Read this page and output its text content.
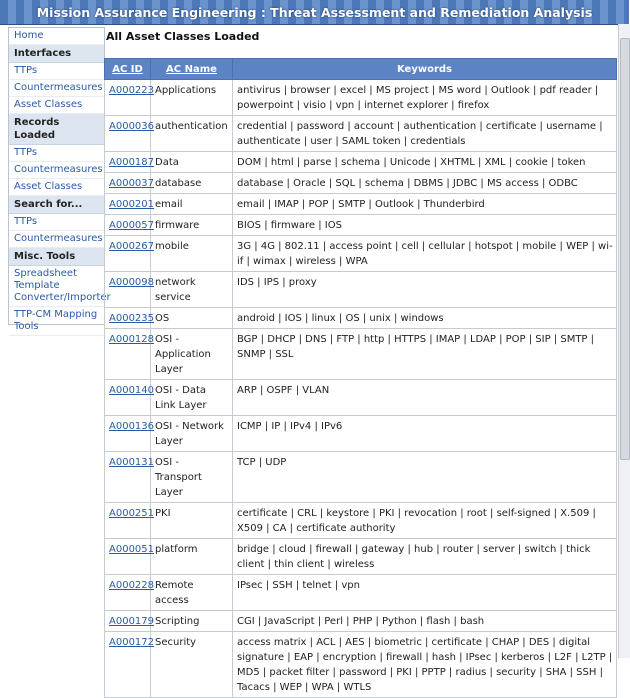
Mission Assurance Engineering : Threat Assessment and Remediation Analysis
Home
Interfaces
TTPs
Countermeasures
Asset Classes
Records Loaded
TTPs
Countermeasures
Asset Classes
Search for...
TTPs
Countermeasures
Misc. Tools
Spreadsheet Template Converter/Importer
TTP-CM Mapping Tools
All Asset Classes Loaded
AC ID	AC Name	Keywords
A000223	Applications	antivirus | browser | excel | MS project | MS word | Outlook | pdf reader | powerpoint | visio | vpn | internet explorer | firefox
A000036	authentication	credential | password | account | authentication | certificate | username | authenticate | user | SAML token | credentials
A000187	Data	DOM | html | parse | schema | Unicode | XHTML | XML | cookie | token
A000037	database	database | Oracle | SQL | schema | DBMS | JDBC | MS access | ODBC
A000201	email	email | IMAP | POP | SMTP | Outlook | Thunderbird
A000057	firmware	BIOS | firmware | IOS
A000267	mobile	3G | 4G | 802.11 | access point | cell | cellular | hotspot | mobile | WEP | wi-if | wimax | wireless | WPA
A000098	network service	IDS | IPS | proxy
A000235	OS	android | IOS | linux | OS | unix | windows
A000128	OSI - Application Layer	BGP | DHCP | DNS | FTP | http | HTTPS | IMAP | LDAP | POP | SIP | SMTP | SNMP | SSL
A000140	OSI - Data Link Layer	ARP | OSPF | VLAN
A000136	OSI - Network Layer	ICMP | IP | IPv4 | IPv6
A000131	OSI - Transport Layer	TCP | UDP
A000251	PKI	certificate | CRL | keystore | PKI | revocation | root | self-signed | X.509 | X509 | CA | certificate authority
A000051	platform	bridge | cloud | firewall | gateway | hub | router | server | switch | thick client | thin client | wireless
A000228	Remote access	IPsec | SSH | telnet | vpn
A000179	Scripting	CGI | JavaScript | Perl | PHP | Python | flash | bash
A000172	Security	access matrix | ACL | AES | biometric | certificate | CHAP | DES | digital signature | EAP | encryption | firewall | hash | IPsec | kerberos | L2F | L2TP | MD5 | packet filter | password | PKI | PPTP | radius | security | SHA | SSH | Tacacs | WEP | WPA | WTLS
